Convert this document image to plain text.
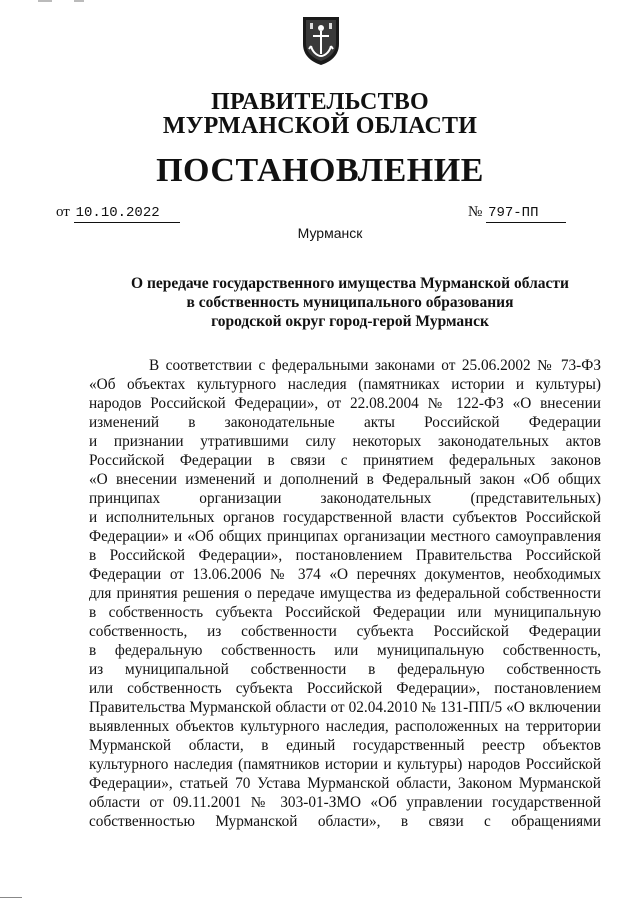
ПРАВИТЕЛЬСТВО
МУРМАНСКОЙ ОБЛАСТИ
ПОСТАНОВЛЕНИЕ
от 10.10.2022	№ 797-ПП
Мурманск
О передаче государственного имущества Мурманской области
в собственность муниципального образования
городской округ город-герой Мурманск
В соответствии с федеральными законами от 25.06.2002 № 73-ФЗ
«Об объектах культурного наследия (памятниках истории и культуры)
народов Российской Федерации», от 22.08.2004 № 122-ФЗ «О внесении
изменений в законодательные акты Российской Федерации
и признании утратившими силу некоторых законодательных актов
Российской Федерации в связи с принятием федеральных законов
«О внесении изменений и дополнений в Федеральный закон «Об общих
принципах организации законодательных (представительных)
и исполнительных органов государственной власти субъектов Российской
Федерации» и «Об общих принципах организации местного самоуправления
в Российской Федерации», постановлением Правительства Российской
Федерации от 13.06.2006 № 374 «О перечнях документов, необходимых
для принятия решения о передаче имущества из федеральной собственности
в собственность субъекта Российской Федерации или муниципальную
собственность, из собственности субъекта Российской Федерации
в федеральную собственность или муниципальную собственность,
из муниципальной собственности в федеральную собственность
или собственность субъекта Российской Федерации», постановлением
Правительства Мурманской области от 02.04.2010 № 131-ПП/5 «О включении
выявленных объектов культурного наследия, расположенных на территории
Мурманской области, в единый государственный реестр объектов
культурного наследия (памятников истории и культуры) народов Российской
Федерации», статьей 70 Устава Мурманской области, Законом Мурманской
области от 09.11.2001 № 303-01-ЗМО «Об управлении государственной
собственностью Мурманской области», в связи с обращениями
